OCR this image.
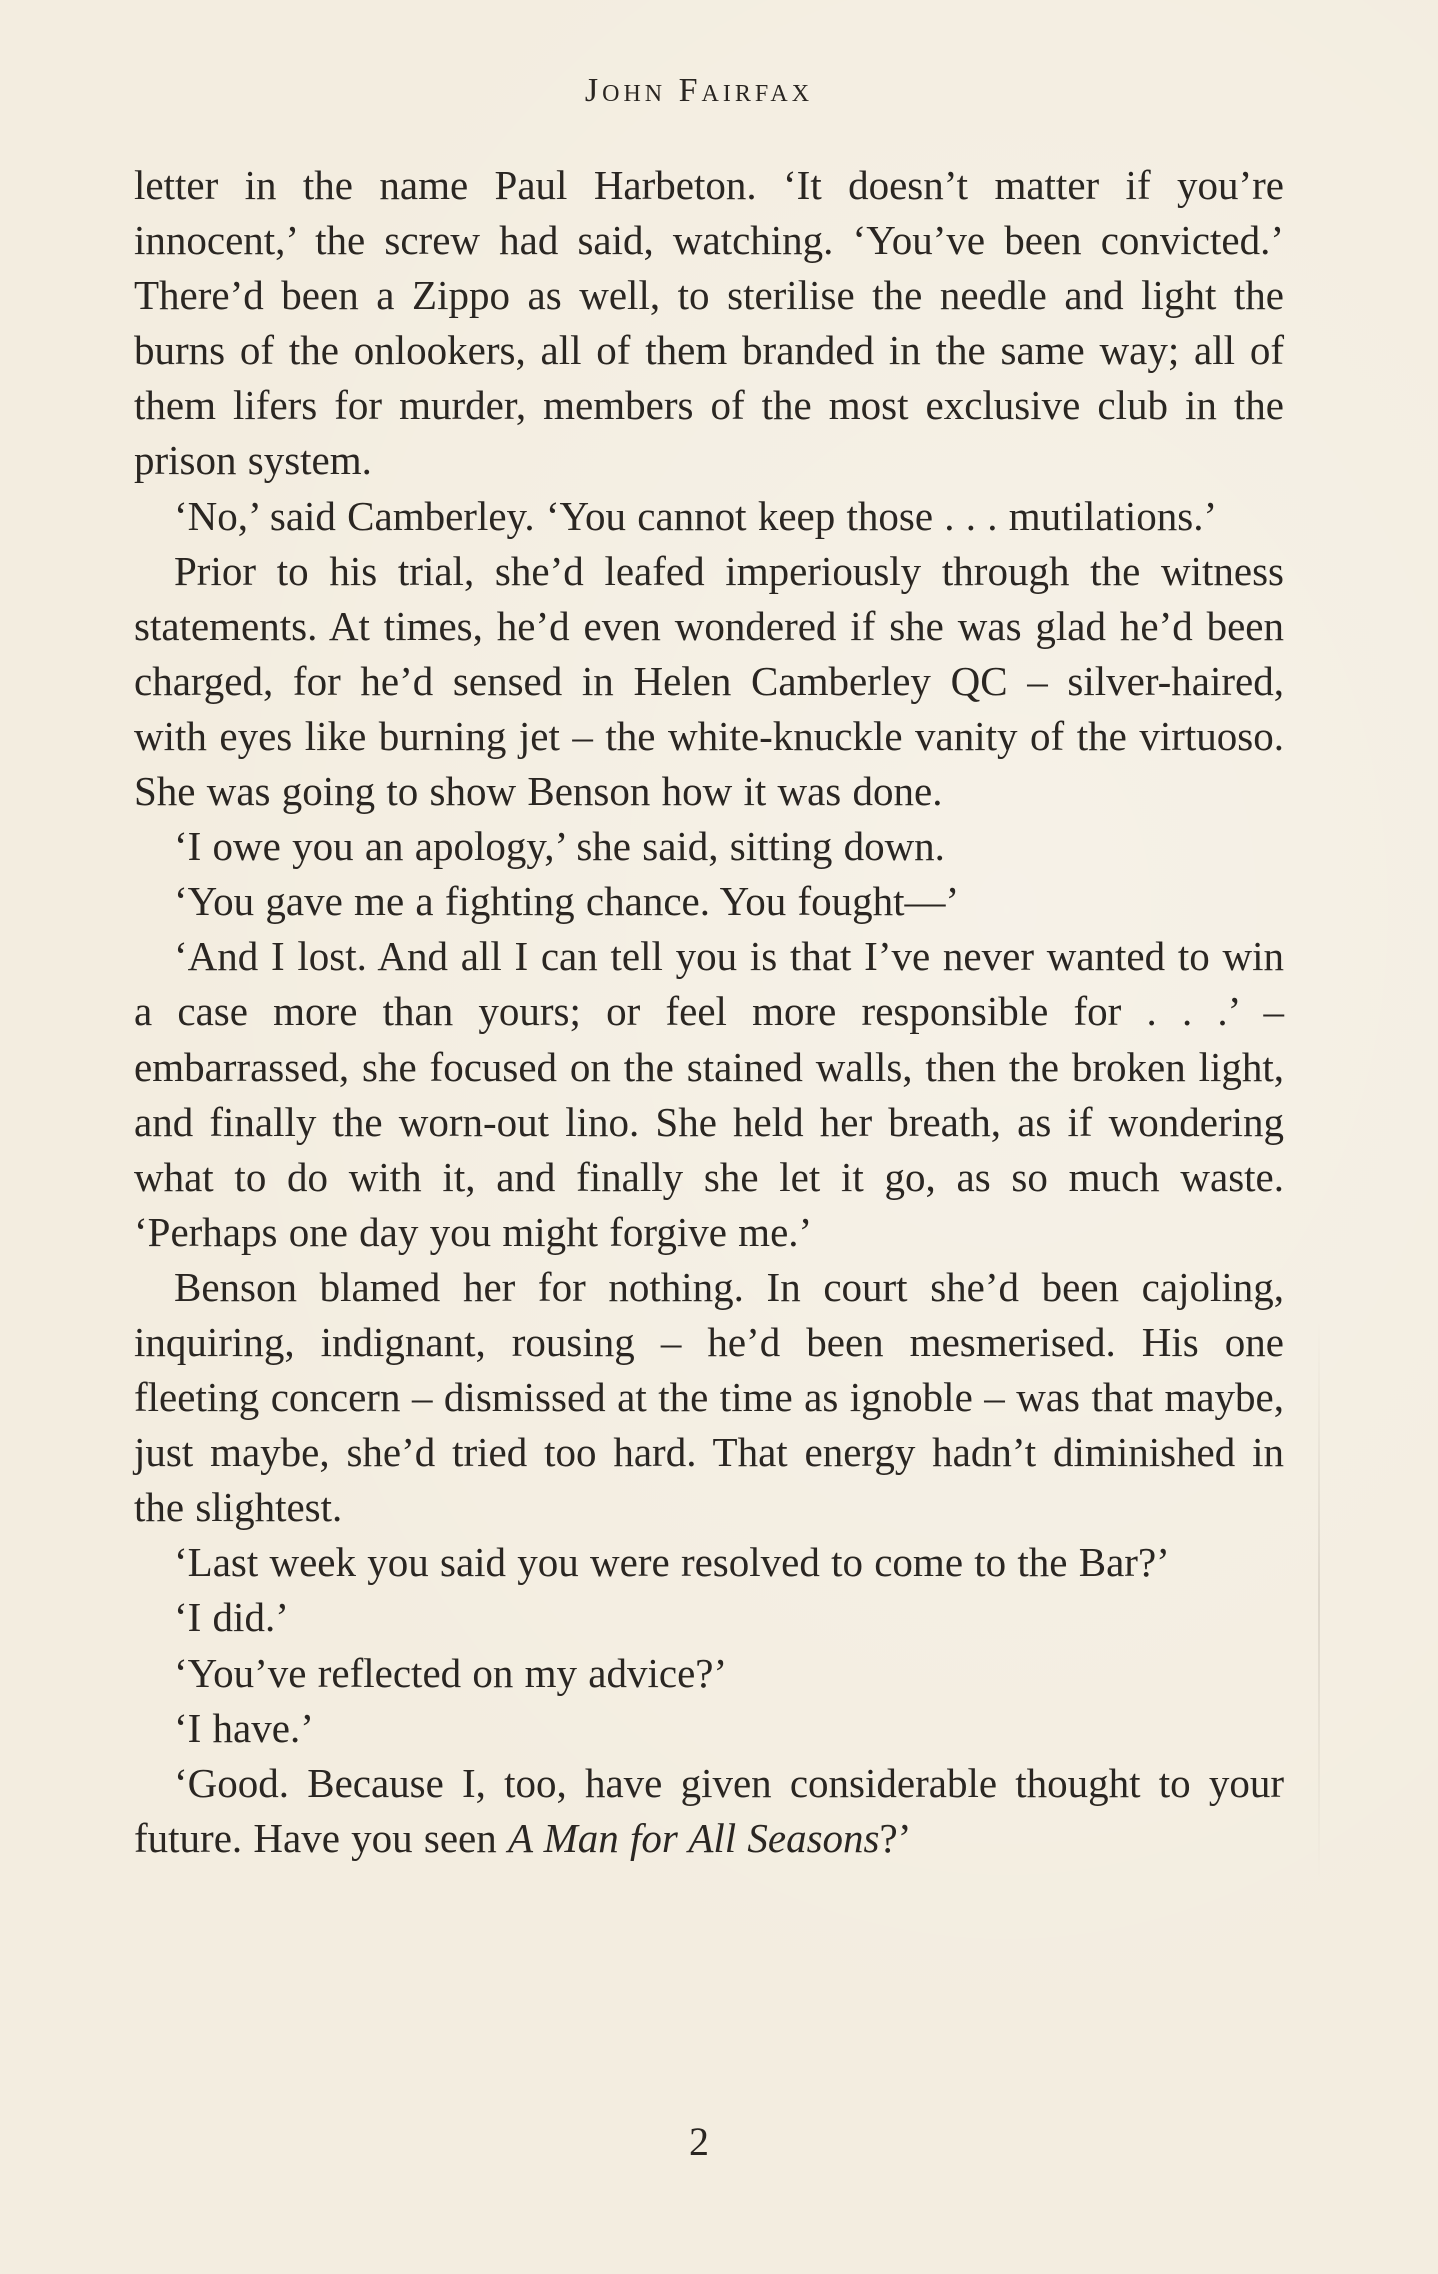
John Fairfax

letter in the name Paul Harbeton. ‘It doesn’t matter if you’re innocent,’ the screw had said, watching. ‘You’ve been convicted.’ There’d been a Zippo as well, to sterilise the needle and light the burns of the onlookers, all of them branded in the same way; all of them lifers for murder, members of the most exclusive club in the prison system.

‘No,’ said Camberley. ‘You cannot keep those . . . mutilations.’

Prior to his trial, she’d leafed imperiously through the witness statements. At times, he’d even wondered if she was glad he’d been charged, for he’d sensed in Helen Camberley QC – silver-haired, with eyes like burning jet – the white-knuckle vanity of the virtuoso. She was going to show Benson how it was done.

‘I owe you an apology,’ she said, sitting down.

‘You gave me a fighting chance. You fought—’

‘And I lost. And all I can tell you is that I’ve never wanted to win a case more than yours; or feel more responsible for . . .’ – embarrassed, she focused on the stained walls, then the broken light, and finally the worn-out lino. She held her breath, as if wondering what to do with it, and finally she let it go, as so much waste. ‘Perhaps one day you might forgive me.’

Benson blamed her for nothing. In court she’d been cajoling, inquiring, indignant, rousing – he’d been mesmerised. His one fleeting concern – dismissed at the time as ignoble – was that maybe, just maybe, she’d tried too hard. That energy hadn’t diminished in the slightest.

‘Last week you said you were resolved to come to the Bar?’

‘I did.’

‘You’ve reflected on my advice?’

‘I have.’

‘Good. Because I, too, have given considerable thought to your future. Have you seen A Man for All Seasons?’

2
